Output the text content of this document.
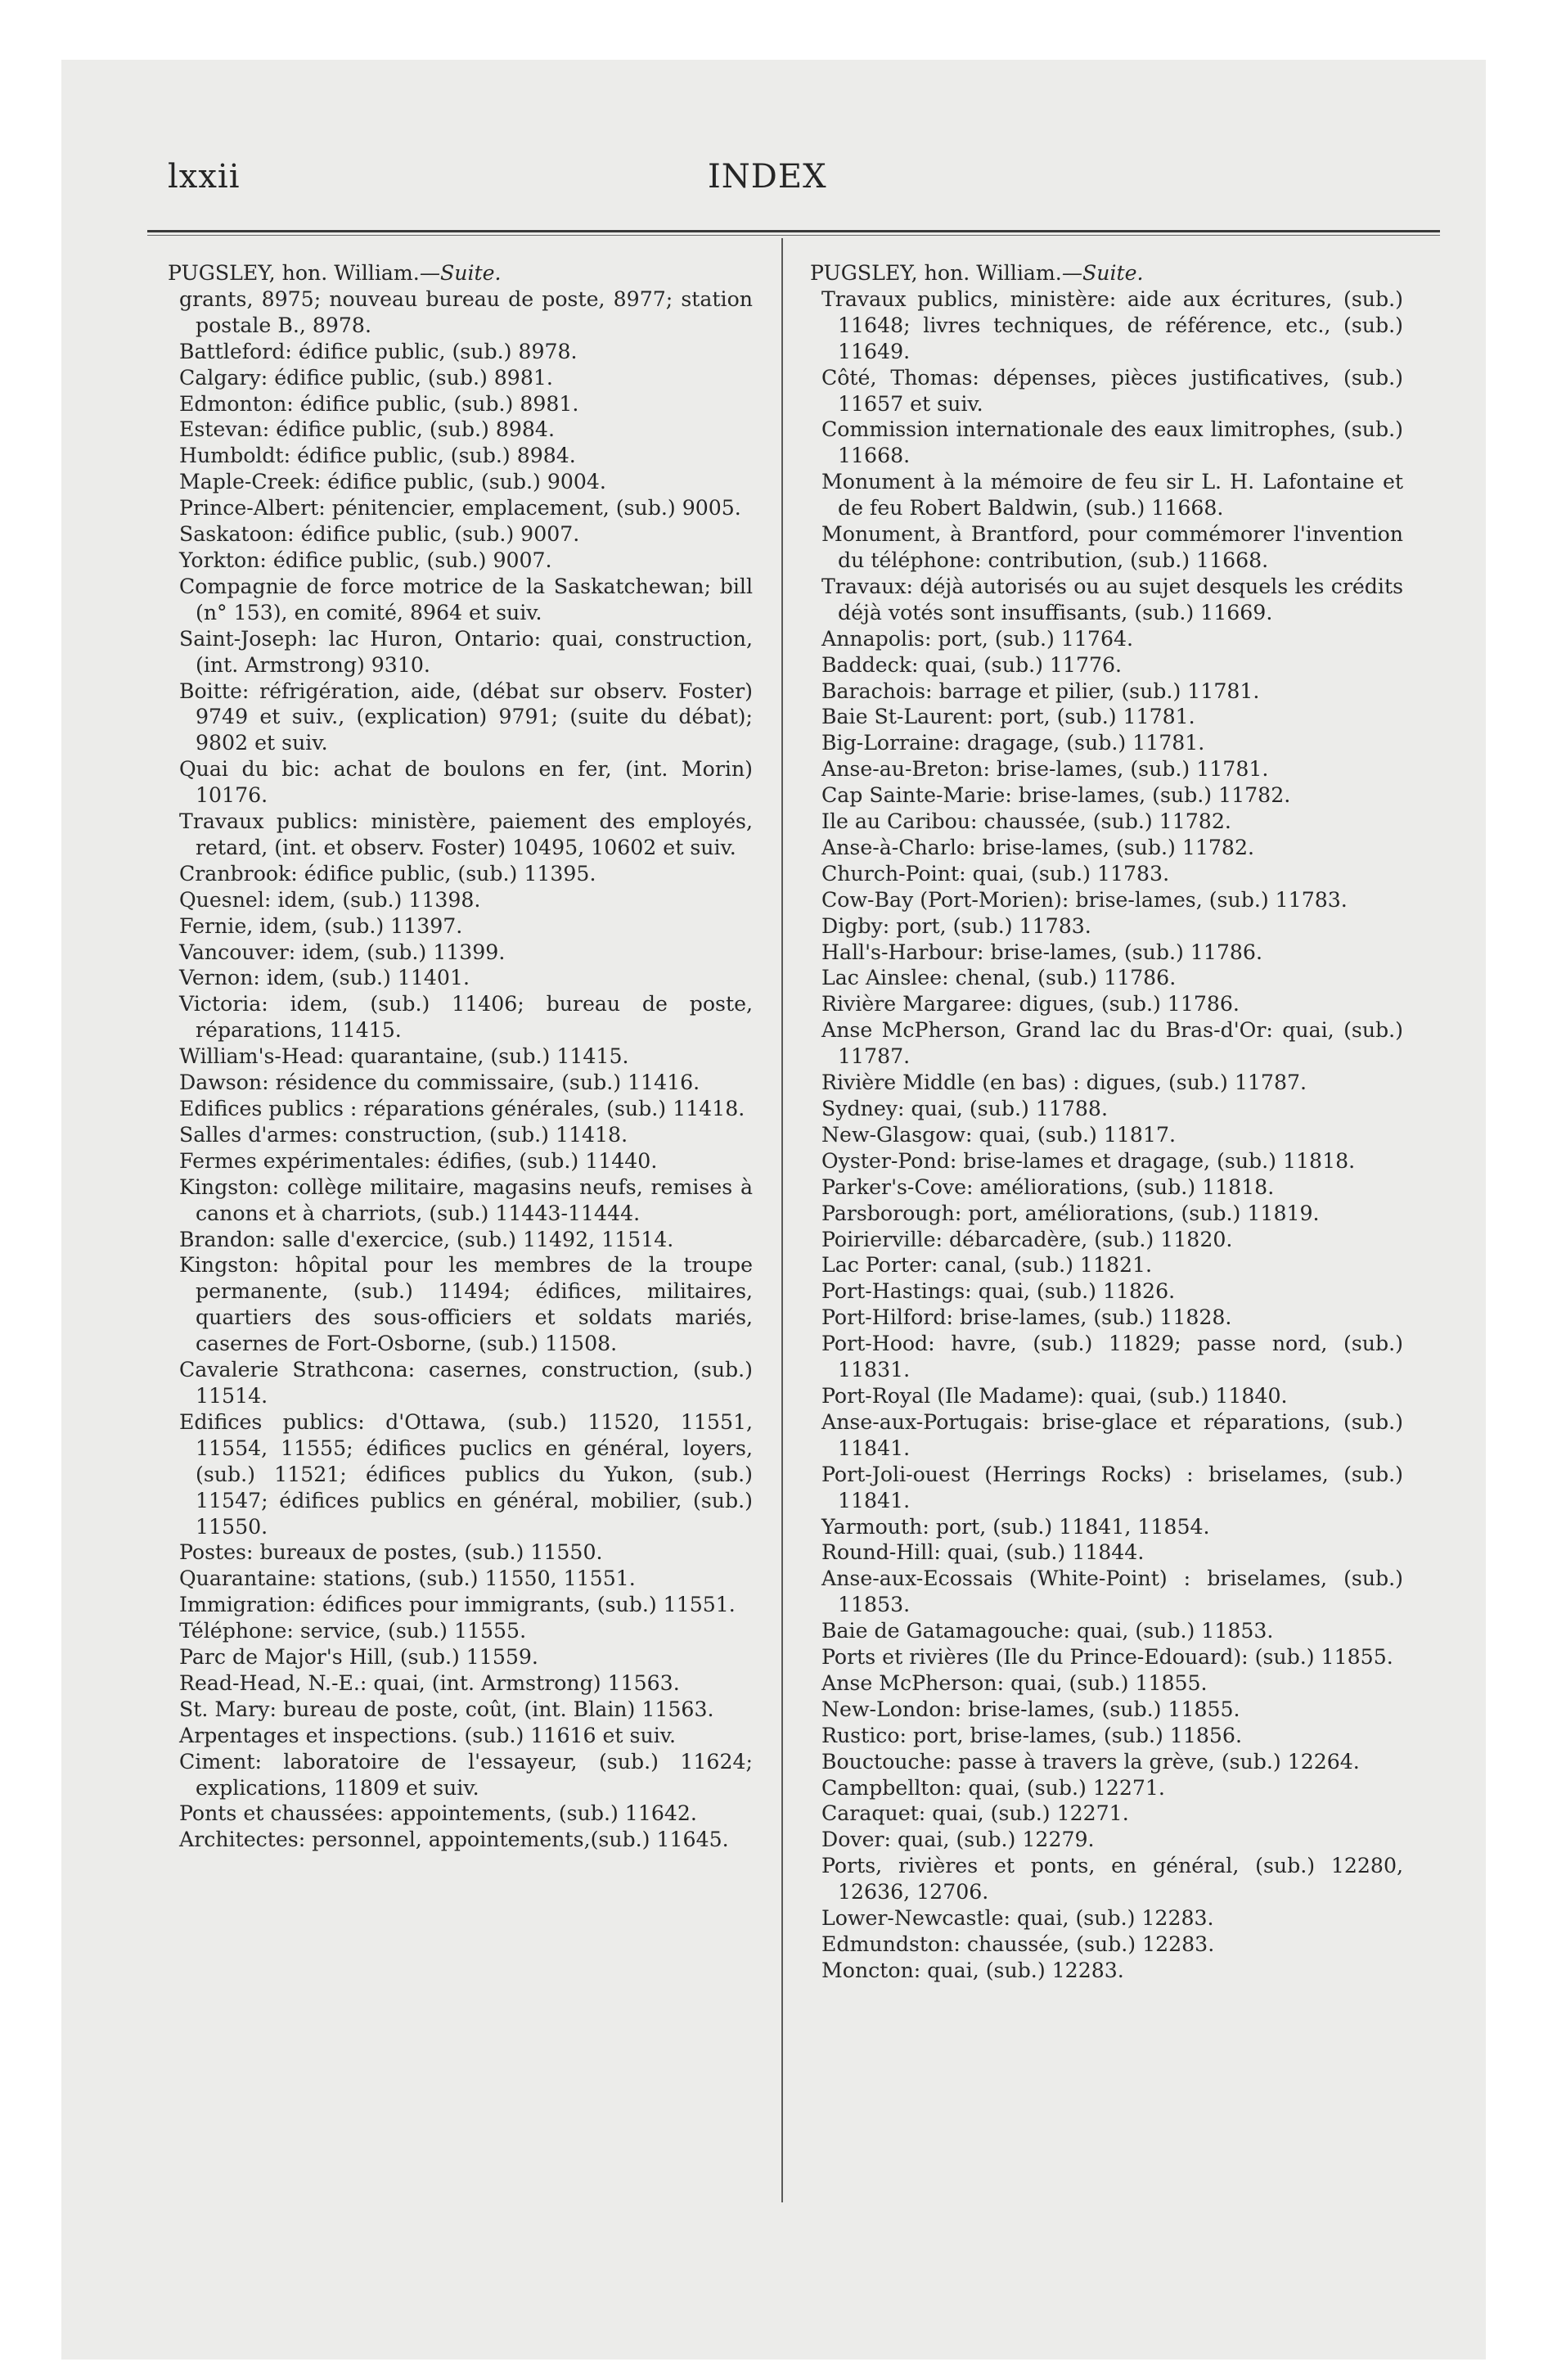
lxxii	INDEX

PUGSLEY, hon. William.—Suite.

grants, 8975; nouveau bureau de poste, 8977; station postale B., 8978.

Battleford: édifice public, (sub.) 8978.

Calgary: édifice public, (sub.) 8981.

Edmonton: édifice public, (sub.) 8981.

Estevan: édifice public, (sub.) 8984.

Humboldt: édifice public, (sub.) 8984.

Maple-Creek: édifice public, (sub.) 9004.

Prince-Albert: pénitencier, emplacement, (sub.) 9005.

Saskatoon: édifice public, (sub.) 9007.

Yorkton: édifice public, (sub.) 9007.

Compagnie de force motrice de la Saskatchewan; bill (n° 153), en comité, 8964 et suiv.

Saint-Joseph: lac Huron, Ontario: quai, construction, (int. Armstrong) 9310.

Boitte: réfrigération, aide, (débat sur observ. Foster) 9749 et suiv., (explication) 9791; (suite du débat); 9802 et suiv.

Quai du bic: achat de boulons en fer, (int. Morin) 10176.

Travaux publics: ministère, paiement des employés, retard, (int. et observ. Foster) 10495, 10602 et suiv.

Cranbrook: édifice public, (sub.) 11395.

Quesnel: idem, (sub.) 11398.

Fernie, idem, (sub.) 11397.

Vancouver: idem, (sub.) 11399.

Vernon: idem, (sub.) 11401.

Victoria: idem, (sub.) 11406; bureau de poste, réparations, 11415.

William's-Head: quarantaine, (sub.) 11415.

Dawson: résidence du commissaire, (sub.) 11416.

Edifices publics : réparations générales, (sub.) 11418.

Salles d'armes: construction, (sub.) 11418.

Fermes expérimentales: édifies, (sub.) 11440.

Kingston: collège militaire, magasins neufs, remises à canons et à charriots, (sub.) 11443-11444.

Brandon: salle d'exercice, (sub.) 11492, 11514.

Kingston: hôpital pour les membres de la troupe permanente, (sub.) 11494; édifices, militaires, quartiers des sous-officiers et soldats mariés, casernes de Fort-Osborne, (sub.) 11508.

Cavalerie Strathcona: casernes, construction, (sub.) 11514.

Edifices publics: d'Ottawa, (sub.) 11520, 11551, 11554, 11555; édifices puclics en général, loyers, (sub.) 11521; édifices publics du Yukon, (sub.) 11547; édifices publics en général, mobilier, (sub.) 11550.

Postes: bureaux de postes, (sub.) 11550.

Quarantaine: stations, (sub.) 11550, 11551.

Immigration: édifices pour immigrants, (sub.) 11551.

Téléphone: service, (sub.) 11555.

Parc de Major's Hill, (sub.) 11559.

Read-Head, N.-E.: quai, (int. Armstrong) 11563.

St. Mary: bureau de poste, coût, (int. Blain) 11563.

Arpentages et inspections. (sub.) 11616 et suiv.

Ciment: laboratoire de l'essayeur, (sub.) 11624; explications, 11809 et suiv.

Ponts et chaussées: appointements, (sub.) 11642.

Architectes: personnel, appointements,(sub.) 11645.

PUGSLEY, hon. William.—Suite.

Travaux publics, ministère: aide aux écritures, (sub.) 11648; livres techniques, de référence, etc., (sub.) 11649.

Côté, Thomas: dépenses, pièces justificatives, (sub.) 11657 et suiv.

Commission internationale des eaux limitrophes, (sub.) 11668.

Monument à la mémoire de feu sir L. H. Lafontaine et de feu Robert Baldwin, (sub.) 11668.

Monument, à Brantford, pour commémorer l'invention du téléphone: contribution, (sub.) 11668.

Travaux: déjà autorisés ou au sujet desquels les crédits déjà votés sont insuffisants, (sub.) 11669.

Annapolis: port, (sub.) 11764.

Baddeck: quai, (sub.) 11776.

Barachois: barrage et pilier, (sub.) 11781.

Baie St-Laurent: port, (sub.) 11781.

Big-Lorraine: dragage, (sub.) 11781.

Anse-au-Breton: brise-lames, (sub.) 11781.

Cap Sainte-Marie: brise-lames, (sub.) 11782.

Ile au Caribou: chaussée, (sub.) 11782.

Anse-à-Charlo: brise-lames, (sub.) 11782.

Church-Point: quai, (sub.) 11783.

Cow-Bay (Port-Morien): brise-lames, (sub.) 11783.

Digby: port, (sub.) 11783.

Hall's-Harbour: brise-lames, (sub.) 11786.

Lac Ainslee: chenal, (sub.) 11786.

Rivière Margaree: digues, (sub.) 11786.

Anse McPherson, Grand lac du Bras-d'Or: quai, (sub.) 11787.

Rivière Middle (en bas) : digues, (sub.) 11787.

Sydney: quai, (sub.) 11788.

New-Glasgow: quai, (sub.) 11817.

Oyster-Pond: brise-lames et dragage, (sub.) 11818.

Parker's-Cove: améliorations, (sub.) 11818.

Parsborough: port, améliorations, (sub.) 11819.

Poirierville: débarcadère, (sub.) 11820.

Lac Porter: canal, (sub.) 11821.

Port-Hastings: quai, (sub.) 11826.

Port-Hilford: brise-lames, (sub.) 11828.

Port-Hood: havre, (sub.) 11829; passe nord, (sub.) 11831.

Port-Royal (Ile Madame): quai, (sub.) 11840.

Anse-aux-Portugais: brise-glace et réparations, (sub.) 11841.

Port-Joli-ouest (Herrings Rocks) : briselames, (sub.) 11841.

Yarmouth: port, (sub.) 11841, 11854.

Round-Hill: quai, (sub.) 11844.

Anse-aux-Ecossais (White-Point) : briselames, (sub.) 11853.

Baie de Gatamagouche: quai, (sub.) 11853.

Ports et rivières (Ile du Prince-Edouard): (sub.) 11855.

Anse McPherson: quai, (sub.) 11855.

New-London: brise-lames, (sub.) 11855.

Rustico: port, brise-lames, (sub.) 11856.

Bouctouche: passe à travers la grève, (sub.) 12264.

Campbellton: quai, (sub.) 12271.

Caraquet: quai, (sub.) 12271.

Dover: quai, (sub.) 12279.

Ports, rivières et ponts, en général, (sub.) 12280, 12636, 12706.

Lower-Newcastle: quai, (sub.) 12283.

Edmundston: chaussée, (sub.) 12283.

Moncton: quai, (sub.) 12283.
